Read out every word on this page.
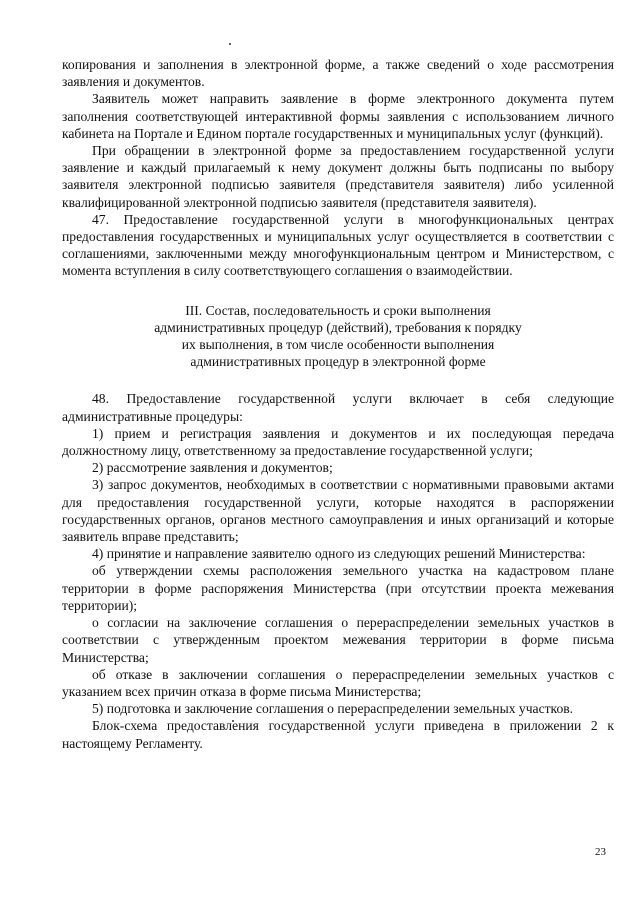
копирования и заполнения в электронной форме, а также сведений о ходе рассмотрения заявления и документов.

Заявитель может направить заявление в форме электронного документа путем заполнения соответствующей интерактивной формы заявления с использованием личного кабинета на Портале и Едином портале государственных и муниципальных услуг (функций).

При обращении в электронной форме за предоставлением государственной услуги заявление и каждый прилагаемый к нему документ должны быть подписаны по выбору заявителя электронной подписью заявителя (представителя заявителя) либо усиленной квалифицированной электронной подписью заявителя (представителя заявителя).

47. Предоставление государственной услуги в многофункциональных центрах предоставления государственных и муниципальных услуг осуществляется в соответствии с соглашениями, заключенными между многофункциональным центром и Министерством, с момента вступления в силу соответствующего соглашения о взаимодействии.

III. Состав, последовательность и сроки выполнения
административных процедур (действий), требования к порядку
их выполнения, в том числе особенности выполнения
административных процедур в электронной форме

48. Предоставление государственной услуги включает в себя следующие административные процедуры:

1) прием и регистрация заявления и документов и их последующая передача должностному лицу, ответственному за предоставление государственной услуги;

2) рассмотрение заявления и документов;

3) запрос документов, необходимых в соответствии с нормативными правовыми актами для предоставления государственной услуги, которые находятся в распоряжении государственных органов, органов местного самоуправления и иных организаций и которые заявитель вправе представить;

4) принятие и направление заявителю одного из следующих решений Министерства:

об утверждении схемы расположения земельного участка на кадастровом плане территории в форме распоряжения Министерства (при отсутствии проекта межевания территории);

о согласии на заключение соглашения о перераспределении земельных участков в соответствии с утвержденным проектом межевания территории в форме письма Министерства;

об отказе в заключении соглашения о перераспределении земельных участков с указанием всех причин отказа в форме письма Министерства;

5) подготовка и заключение соглашения о перераспределении земельных участков.

Блок-схема предоставления государственной услуги приведена в приложении 2 к настоящему Регламенту.

23
